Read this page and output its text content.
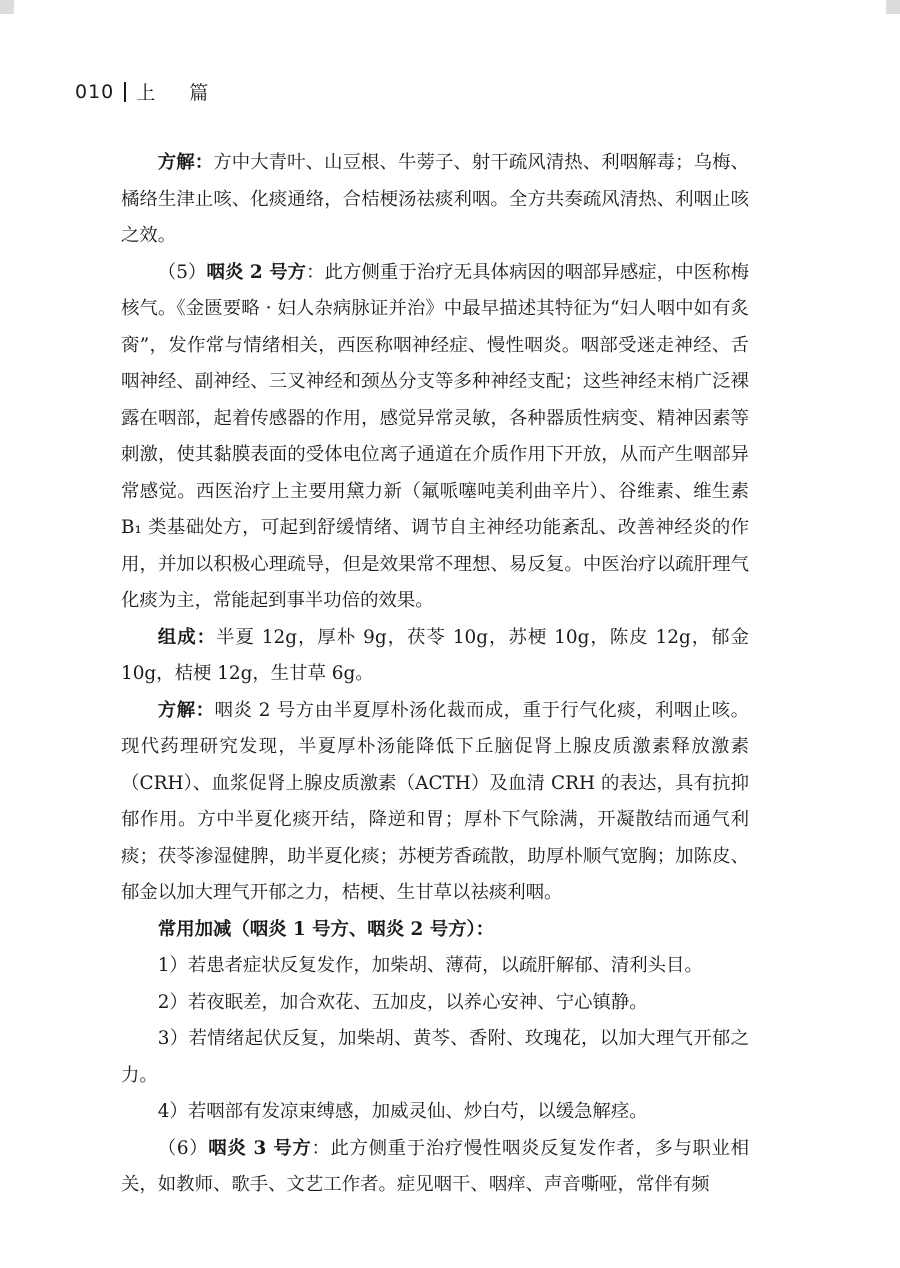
010 上 篇

方解：方中大青叶、山豆根、牛蒡子、射干疏风清热、利咽解毒；乌梅、橘络生津止咳、化痰通络，合桔梗汤祛痰利咽。全方共奏疏风清热、利咽止咳之效。

（5）咽炎 2 号方：此方侧重于治疗无具体病因的咽部异感症，中医称梅核气。《金匮要略 · 妇人杂病脉证并治》中最早描述其特征为“妇人咽中如有炙脔”，发作常与情绪相关，西医称咽神经症、慢性咽炎。咽部受迷走神经、舌咽神经、副神经、三叉神经和颈丛分支等多种神经支配；这些神经末梢广泛裸露在咽部，起着传感器的作用，感觉异常灵敏，各种器质性病变、精神因素等刺激，使其黏膜表面的受体电位离子通道在介质作用下开放，从而产生咽部异常感觉。西医治疗上主要用黛力新（氟哌噻吨美利曲辛片）、谷维素、维生素 B₁ 类基础处方，可起到舒缓情绪、调节自主神经功能紊乱、改善神经炎的作用，并加以积极心理疏导，但是效果常不理想、易反复。中医治疗以疏肝理气化痰为主，常能起到事半功倍的效果。

组成：半夏 12g，厚朴 9g，茯苓 10g，苏梗 10g，陈皮 12g，郁金 10g，桔梗 12g，生甘草 6g。

方解：咽炎 2 号方由半夏厚朴汤化裁而成，重于行气化痰，利咽止咳。现代药理研究发现，半夏厚朴汤能降低下丘脑促肾上腺皮质激素释放激素（CRH）、血浆促肾上腺皮质激素（ACTH）及血清 CRH 的表达，具有抗抑郁作用。方中半夏化痰开结，降逆和胃；厚朴下气除满，开凝散结而通气利痰；茯苓渗湿健脾，助半夏化痰；苏梗芳香疏散，助厚朴顺气宽胸；加陈皮、郁金以加大理气开郁之力，桔梗、生甘草以祛痰利咽。

常用加减（咽炎 1 号方、咽炎 2 号方）：

1）若患者症状反复发作，加柴胡、薄荷，以疏肝解郁、清利头目。

2）若夜眠差，加合欢花、五加皮，以养心安神、宁心镇静。

3）若情绪起伏反复，加柴胡、黄芩、香附、玫瑰花，以加大理气开郁之力。

4）若咽部有发凉束缚感，加威灵仙、炒白芍，以缓急解痉。

（6）咽炎 3 号方：此方侧重于治疗慢性咽炎反复发作者，多与职业相关，如教师、歌手、文艺工作者。症见咽干、咽痒、声音嘶哑，常伴有频
